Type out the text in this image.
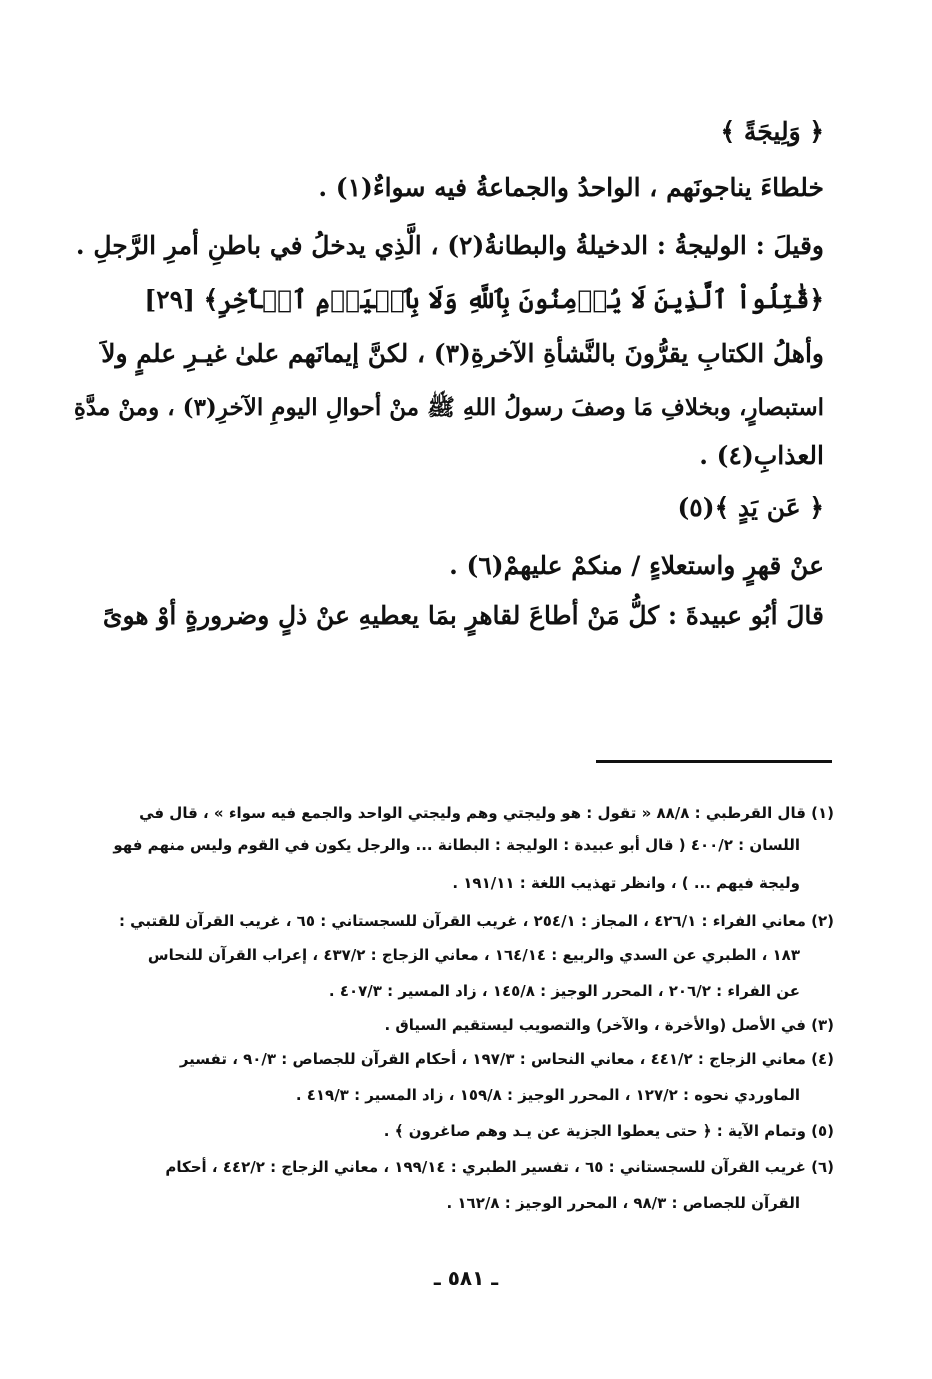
﴿ وَلِيجَةً ﴾
خلطاءَ يناجونَهم ، الواحدُ والجماعةُ فيه سواءٌ(١) .
وقيلَ : الوليجةُ : الدخيلةُ والبطانةُ(٢) ، الَّذِي يدخلُ في باطنِ أمرِ الرَّجلِ .
﴿قَٰتِلُواْ ٱلَّذِينَ لَا يُؤۡمِنُونَ بِٱللَّهِ وَلَا بِٱلۡيَوۡمِ ٱلۡأٓخِرِ﴾ [٢٩]
وأهلُ الكتابِ يقرُّونَ بالنَّشأةِ الآخرةِ(٣) ، لكنَّ إيمانَهم علىٰ غيـرِ علمٍ ولاَ
استبصارٍ، وبخلافِ مَا وصفَ رسولُ اللهِ ﷺ منْ أحوالِ اليومِ الآخرِ(٣) ، ومنْ مدَّةِ
العذابِ(٤) .
﴿ عَن يَدٍ ﴾(٥)
عنْ قهرٍ واستعلاءٍ / منكمْ عليهمْ(٦) .
قالَ أبُو عبيدةَ : كلُّ مَنْ أطاعَ لقاهرٍ بمَا يعطيهِ عنْ ذلٍ وضرورةٍ أوْ هوىً
(١) قال القرطبي : ٨٨/٨ « تقول : هو وليجتي وهم وليجتي الواحد والجمع فيه سواء » ، قال في
اللسان : ٤٠٠/٢ ( قال أبو عبيدة : الوليجة : البطانة ... والرجل يكون في القوم وليس منهم فهو
وليجة فيهم ... ) ، وانظر تهذيب اللغة : ١٩١/١١ .
(٢) معاني الفراء : ٤٢٦/١ ، المجاز : ٢٥٤/١ ، غريب القرآن للسجستاني : ٦٥ ، غريب القرآن للقتبي :
١٨٣ ، الطبري عن السدي والربيع : ١٦٤/١٤ ، معاني الزجاج : ٤٣٧/٢ ، إعراب القرآن للنحاس
عن الفراء : ٢٠٦/٢ ، المحرر الوجيز : ١٤٥/٨ ، زاد المسير : ٤٠٧/٣ .
(٣) في الأصل (والأخرة ، والآخر) والتصويب ليستقيم السياق .
(٤) معاني الزجاج : ٤٤١/٢ ، معاني النحاس : ١٩٧/٣ ، أحكام القرآن للجصاص : ٩٠/٣ ، تفسير
الماوردي نحوه : ١٢٧/٢ ، المحرر الوجيز : ١٥٩/٨ ، زاد المسير : ٤١٩/٣ .
(٥) وتمام الآية : ﴿ حتى يعطوا الجزية عن يـد وهم صاغرون ﴾ .
(٦) غريب القرآن للسجستاني : ٦٥ ، تفسير الطبري : ١٩٩/١٤ ، معاني الزجاج : ٤٤٢/٢ ، أحكام
القرآن للجصاص : ٩٨/٣ ، المحرر الوجيز : ١٦٢/٨ .
ـ ٥٨١ ـ
